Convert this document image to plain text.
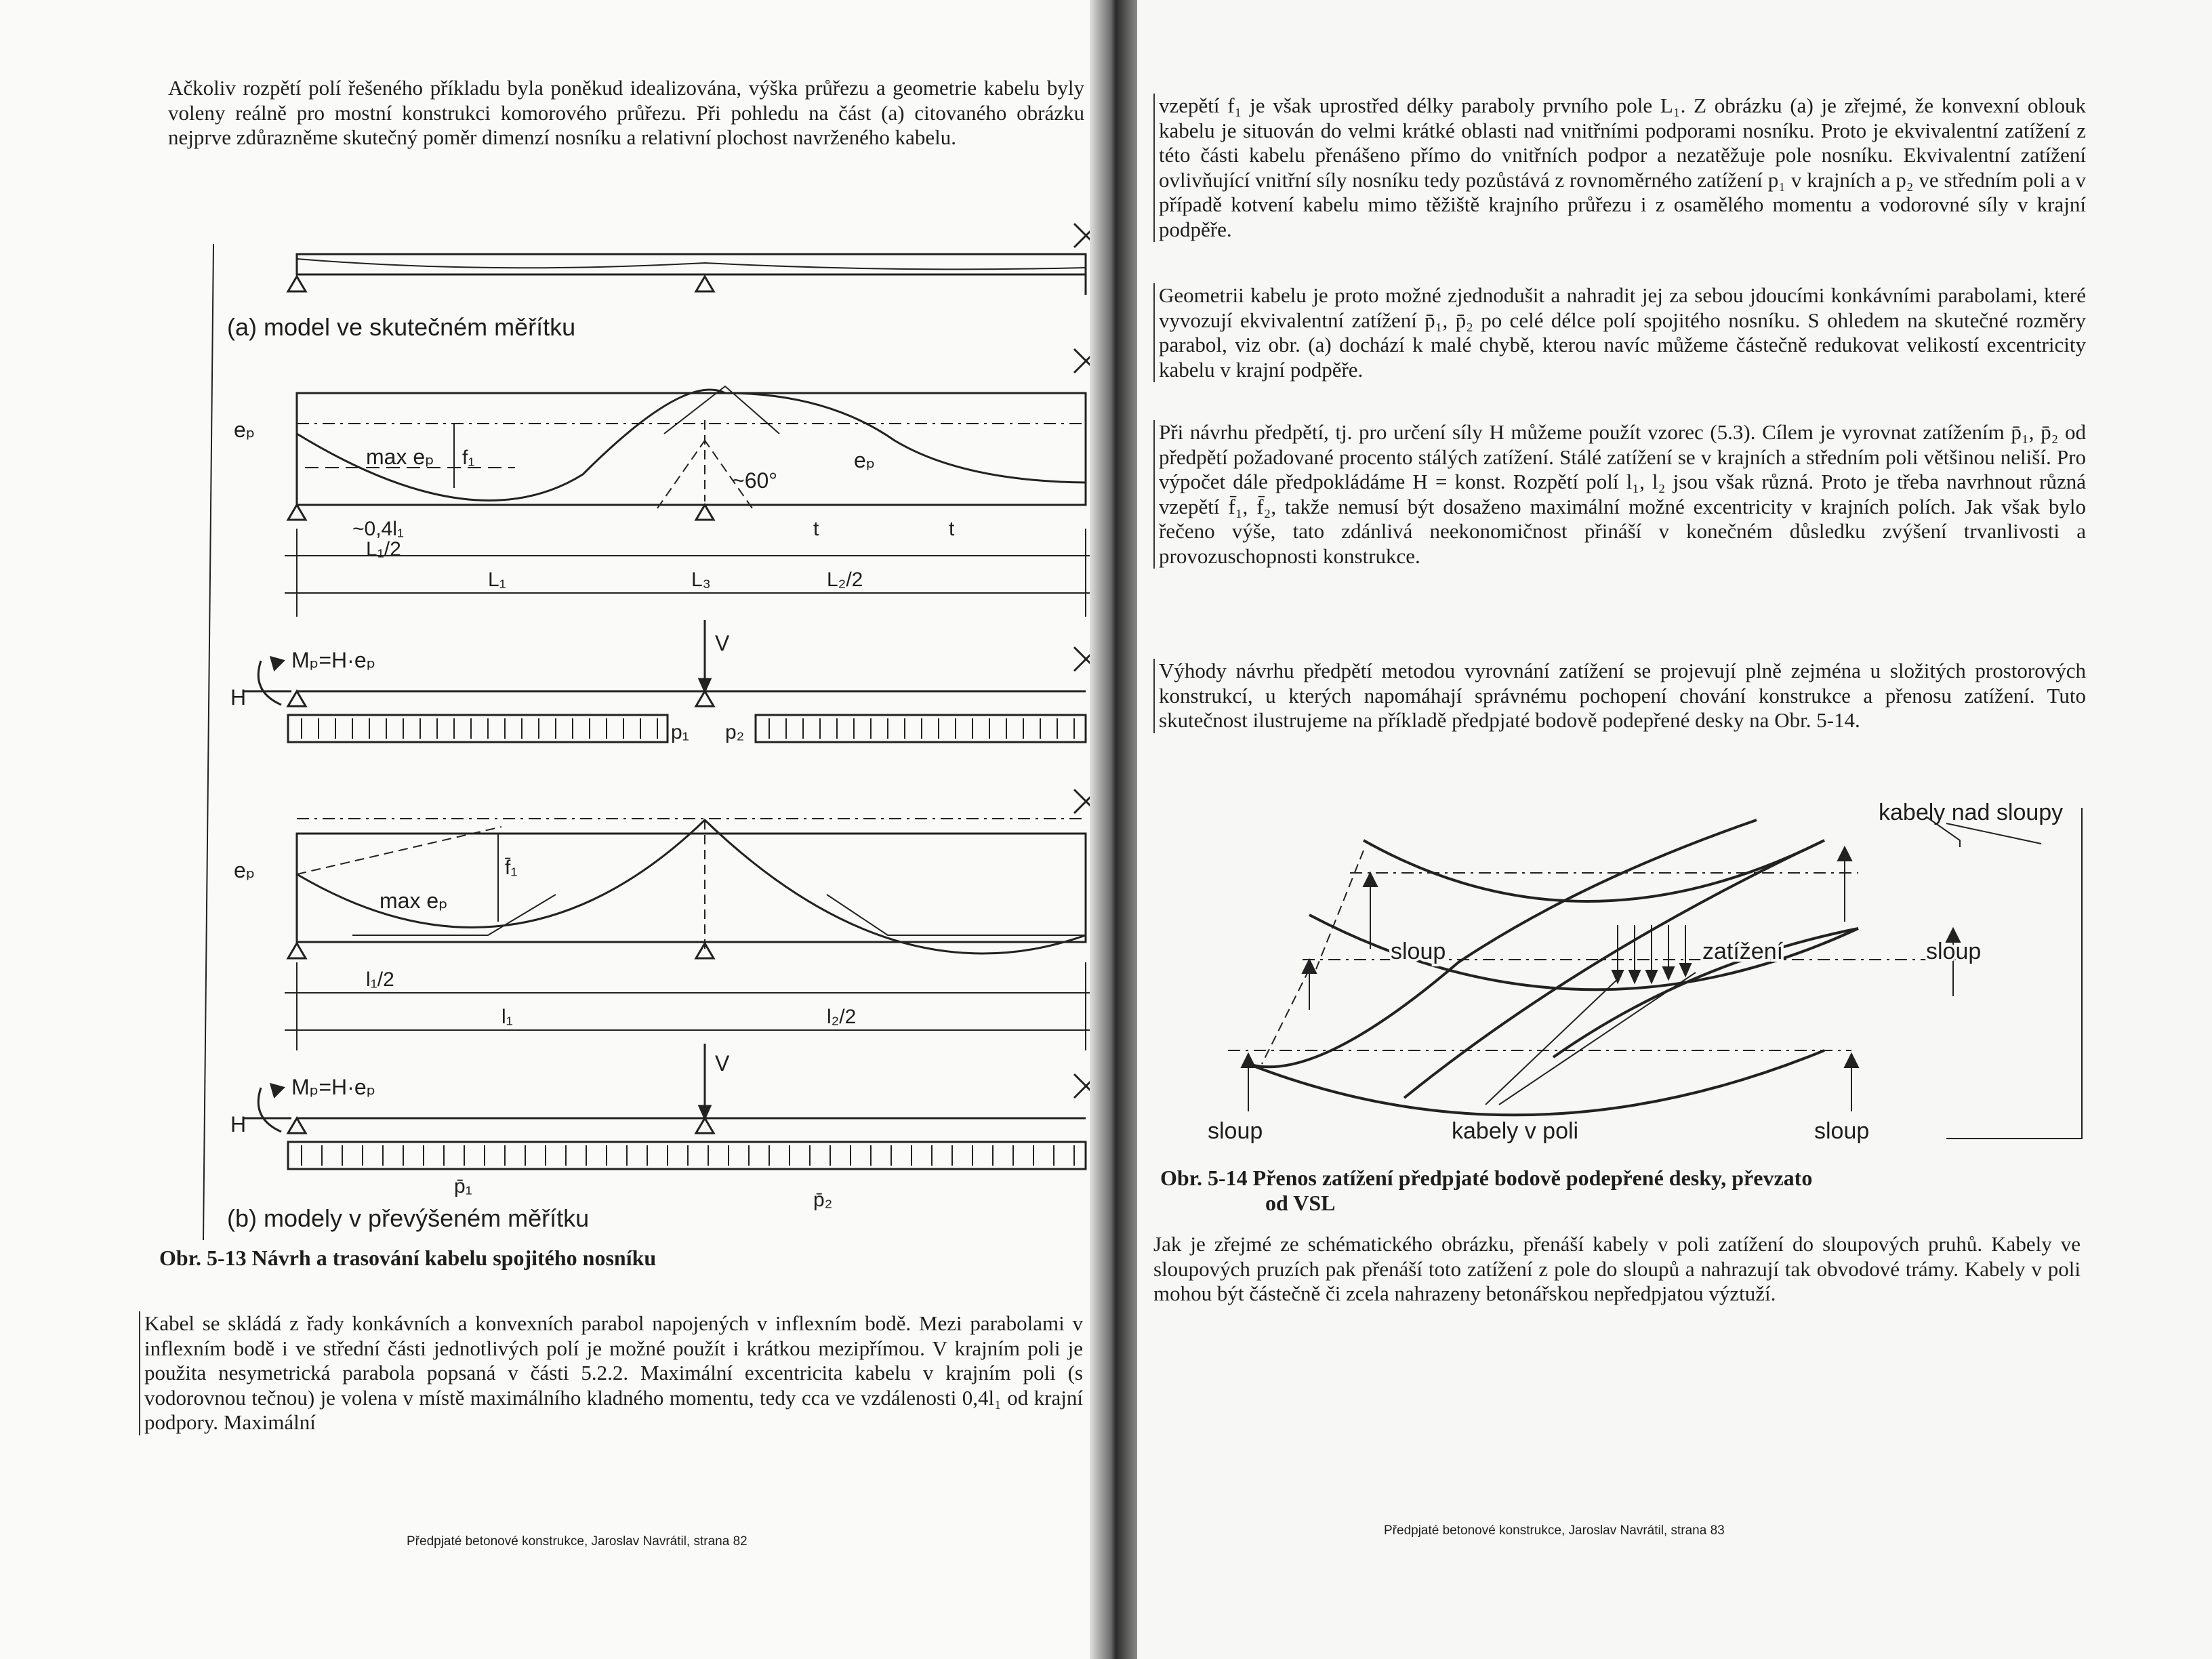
Ačkoliv rozpětí polí řešeného příkladu byla poněkud idealizována, výška průřezu a geometrie kabelu byly voleny reálně pro mostní konstrukci komorového průřezu. Při pohledu na část (a) citovaného obrázku nejprve zdůrazněme skutečný poměr dimenzí nosníku a relativní plochost navrženého kabelu.

(a) model ve skutečném měřítku
eₚ
max eₚ f₁
~60°
eₚ
~0,4l₁
L₁/2
L₁	L₃	L₂/2
t	t
V
Mₚ=H·eₚ
H
p₁ p₂
eₚ
max eₚ
f̄₁
l₁/2
l₁	l₂/2
V
Mₚ=H·eₚ
H
p̄₁
p̄₂
(b) modely v převýšeném měřítku
Obr. 5-13 Návrh a trasování kabelu spojitého nosníku

Kabel se skládá z řady konkávních a konvexních parabol napojených v inflexním bodě. Mezi parabolami v inflexním bodě i ve střední části jednotlivých polí je možné použít i krátkou mezipřímou. V krajním poli je použita nesymetrická parabola popsaná v části 5.2.2. Maximální excentricita kabelu v krajním poli (s vodorovnou tečnou) je volena v místě maximálního kladného momentu, tedy cca ve vzdálenosti 0,4l₁ od krajní podpory. Maximální

Předpjaté betonové konstrukce, Jaroslav Navrátil, strana 82

vzepětí f₁ je však uprostřed délky paraboly prvního pole L₁. Z obrázku (a) je zřejmé, že konvexní oblouk kabelu je situován do velmi krátké oblasti nad vnitřními podporami nosníku. Proto je ekvivalentní zatížení z této části kabelu přenášeno přímo do vnitřních podpor a nezatěžuje pole nosníku. Ekvivalentní zatížení ovlivňující vnitřní síly nosníku tedy pozůstává z rovnoměrného zatížení p₁ v krajních a p₂ ve středním poli a v případě kotvení kabelu mimo těžiště krajního průřezu i z osamělého momentu a vodorovné síly v krajní podpěře.

Geometrii kabelu je proto možné zjednodušit a nahradit jej za sebou jdoucími konkávními parabolami, které vyvozují ekvivalentní zatížení p̄₁, p̄₂ po celé délce polí spojitého nosníku. S ohledem na skutečné rozměry parabol, viz obr. (a) dochází k malé chybě, kterou navíc můžeme částečně redukovat velikostí excentricity kabelu v krajní podpěře.

Při návrhu předpětí, tj. pro určení síly H můžeme použít vzorec (5.3). Cílem je vyrovnat zatížením p̄₁, p̄₂ od předpětí požadované procento stálých zatížení. Stálé zatížení se v krajních a středním poli většinou neliší. Pro výpočet dále předpokládáme H = konst. Rozpětí polí l₁, l₂ jsou však různá. Proto je třeba navrhnout různá vzepětí f̄₁, f̄₂, takže nemusí být dosaženo maximální možné excentricity v krajních polích. Jak však bylo řečeno výše, tato zdánlivá neekonomičnost přináší v konečném důsledku zvýšení trvanlivosti a provozuschopnosti konstrukce.

Výhody návrhu předpětí metodou vyrovnání zatížení se projevují plně zejména u složitých prostorových konstrukcí, u kterých napomáhají správnému pochopení chování konstrukce a přenosu zatížení. Tuto skutečnost ilustrujeme na příkladě předpjaté bodově podepřené desky na Obr. 5-14.

kabely nad sloupy
sloup	zatížení	sloup
sloup	kabely v poli	sloup
Obr. 5-14 Přenos zatížení předpjaté bodově podepřené desky, převzato
od VSL

Jak je zřejmé ze schématického obrázku, přenáší kabely v poli zatížení do sloupových pruhů. Kabely ve sloupových pruzích pak přenáší toto zatížení z pole do sloupů a nahrazují tak obvodové trámy. Kabely v poli mohou být částečně či zcela nahrazeny betonářskou nepředpjatou výztuží.

Předpjaté betonové konstrukce, Jaroslav Navrátil, strana 83
